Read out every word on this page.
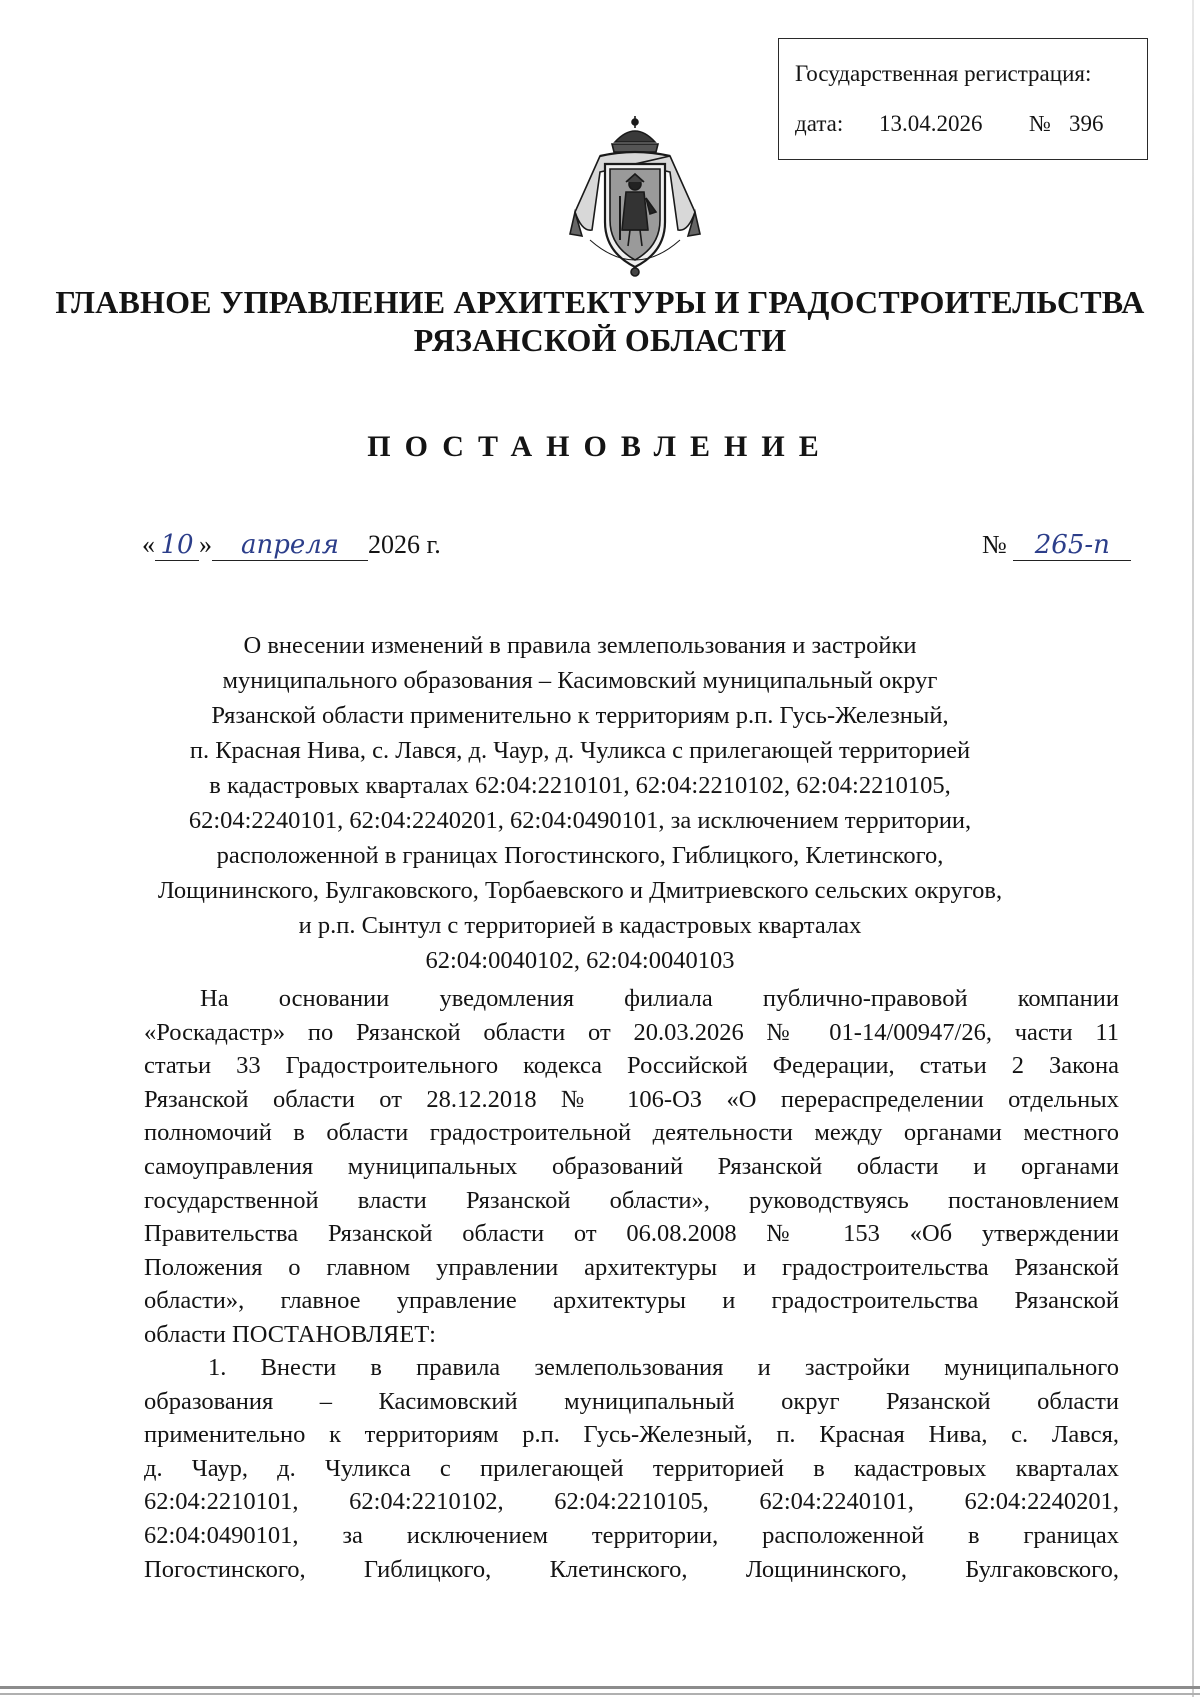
Государственная регистрация:
дата: 13.04.2026 № 396
ГЛАВНОЕ УПРАВЛЕНИЕ АРХИТЕКТУРЫ И ГРАДОСТРОИТЕЛЬСТВА
РЯЗАНСКОЙ ОБЛАСТИ
ПОСТАНОВЛЕНИЕ
« 10 » апреля 2026 г.	№ 265-п
О внесении изменений в правила землепользования и застройки
муниципального образования – Касимовский муниципальный округ
Рязанской области применительно к территориям р.п. Гусь-Железный,
п. Красная Нива, с. Лався, д. Чаур, д. Чуликса с прилегающей территорией
в кадастровых кварталах 62:04:2210101, 62:04:2210102, 62:04:2210105,
62:04:2240101, 62:04:2240201, 62:04:0490101, за исключением территории,
расположенной в границах Погостинского, Гиблицкого, Клетинского,
Лощининского, Булгаковского, Торбаевского и Дмитриевского сельских округов,
и р.п. Сынтул с территорией в кадастровых кварталах
62:04:0040102, 62:04:0040103
На основании уведомления филиала публично-правовой компании
«Роскадастр» по Рязанской области от 20.03.2026 № 01-14/00947/26, части 11
статьи 33 Градостроительного кодекса Российской Федерации, статьи 2 Закона
Рязанской области от 28.12.2018 № 106-ОЗ «О перераспределении отдельных
полномочий в области градостроительной деятельности между органами местного
самоуправления муниципальных образований Рязанской области и органами
государственной власти Рязанской области», руководствуясь постановлением
Правительства Рязанской области от 06.08.2008 № 153 «Об утверждении
Положения о главном управлении архитектуры и градостроительства Рязанской
области», главное управление архитектуры и градостроительства Рязанской
области ПОСТАНОВЛЯЕТ:
1. Внести в правила землепользования и застройки муниципального
образования – Касимовский муниципальный округ Рязанской области
применительно к территориям р.п. Гусь-Железный, п. Красная Нива, с. Лався,
д. Чаур, д. Чуликса с прилегающей территорией в кадастровых кварталах
62:04:2210101, 62:04:2210102, 62:04:2210105, 62:04:2240101, 62:04:2240201,
62:04:0490101, за исключением территории, расположенной в границах
Погостинского, Гиблицкого, Клетинского, Лощининского, Булгаковского,
